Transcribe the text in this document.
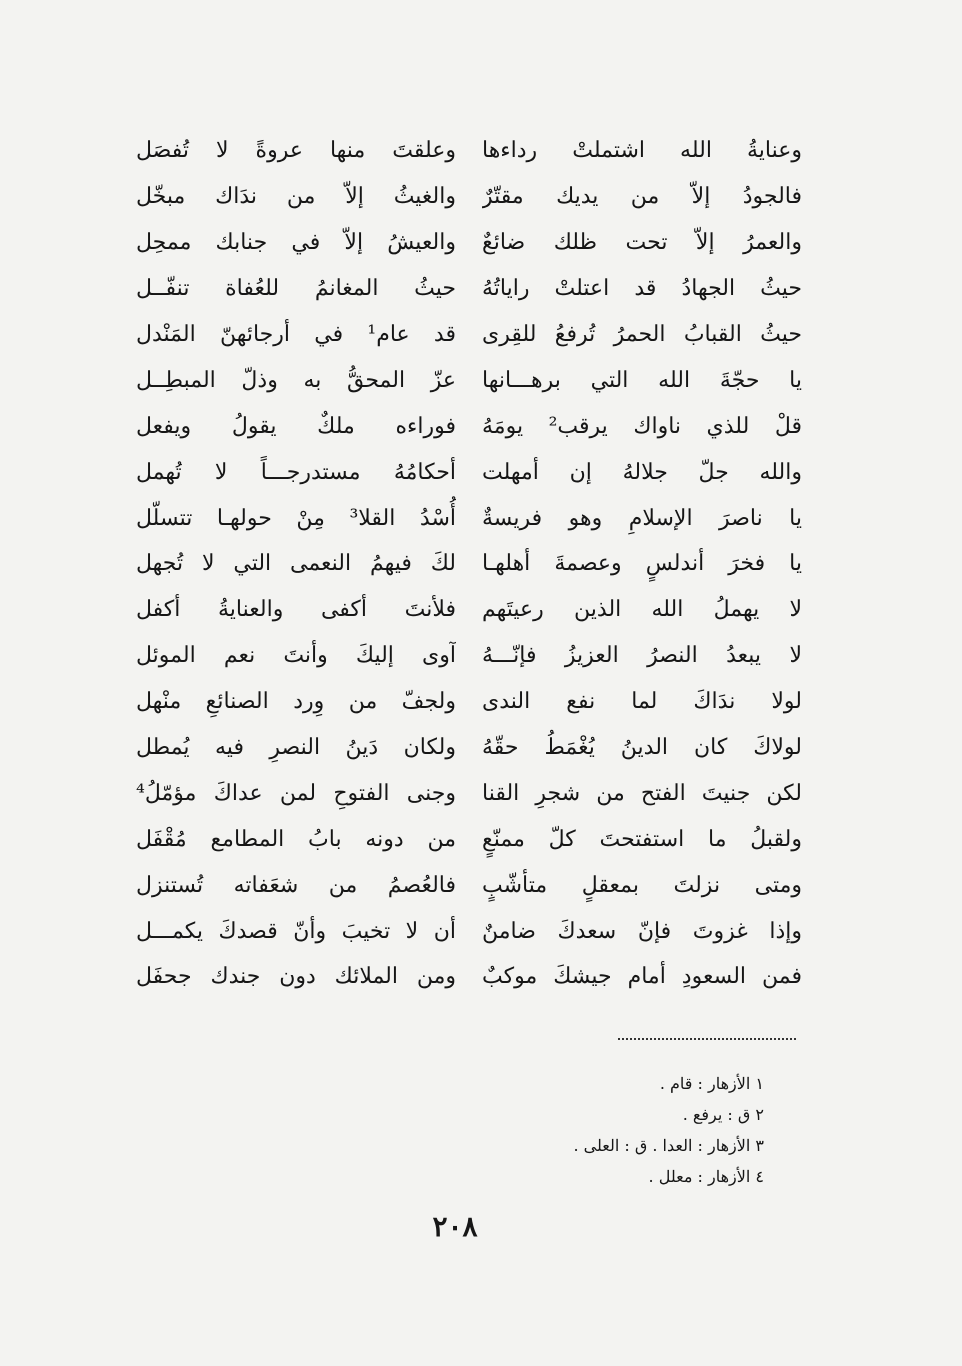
وعنايةُ الله اشتملتْ رداءها
وعلقتَ منها عروةً لا تُفصَل
فالجودُ إلاّ من يديك مقتّرٌ
والغيثُ إلاّ من ندَاك مبخّل
والعمرُ إلاّ تحت ظلك ضائعٌ
والعيشُ إلاّ في جنابك ممحِل
حيثُ الجهادُ قد اعتلتْ راياتُهُ
حيثُ المغانمُ للعُفاة تنفّــل
حيثُ القبابُ الحمرُ تُرفعُ للقِرى
قد عام¹ في أرجائهنّ المَنْدل
يا حجّةَ الله التي برهـــانها
عزّ المحقُّ به وذلّ المبطِــل
قلْ للذي ناواك يرقب² يومَهُ
فوراءه ملكٌ يقولُ ويفعل
والله جلّ جلالهُ إن أمهلت
أحكامُهُ مستدرجـــاً لا تُهمل
يا ناصرَ الإسلامِ وهو فريسةٌ
أُسْدُ القلا³ مِنْ حولهـا تتسلّل
يا فخرَ أندلسٍ وعصمةَ أهلهـا
لكَ فيهمُ النعمى التي لا تُجهل
لا يهملُ الله الذين رعيتَهم
فلأنتَ أكفى والعنايةُ أكفل
لا يبعدُ النصرُ العزيزُ فإنّـــهُ
آوى إليكَ وأنتَ نعم الموئل
لولا ندَاكَ لما نفع الندى
ولجفّ من وِرد الصنائعِ منْهل
لولاكَ كان الدينُ يُغْمَطُ حقّهُ
ولكان دَينُ النصرِ فيه يُمطل
لكن جنيتَ الفتح من شجرِ القنا
وجنى الفتوحِ لمن عداكَ مؤمّلُ⁴
ولقبلُ ما استفتحتَ كلّ ممنّعٍ
من دونه بابُ المطامع مُقْفَل
ومتى نزلتَ بمعقلٍ متأشّبٍ
فالعُصمُ من شعَفاته تُستنزل
وإذا غزوتَ فإنّ سعدكَ ضامنٌ
أن لا تخيبَ وأنّ قصدكَ يكمـــل
فمن السعودِ أمام جيشكَ موكبٌ
ومن الملائك دون جندك جحفَل
١ الأزهار : قام .
٢ ق : يرفع .
٣ الأزهار : العدا . ق : العلى .
٤ الأزهار : معلل .
٢٠٨
